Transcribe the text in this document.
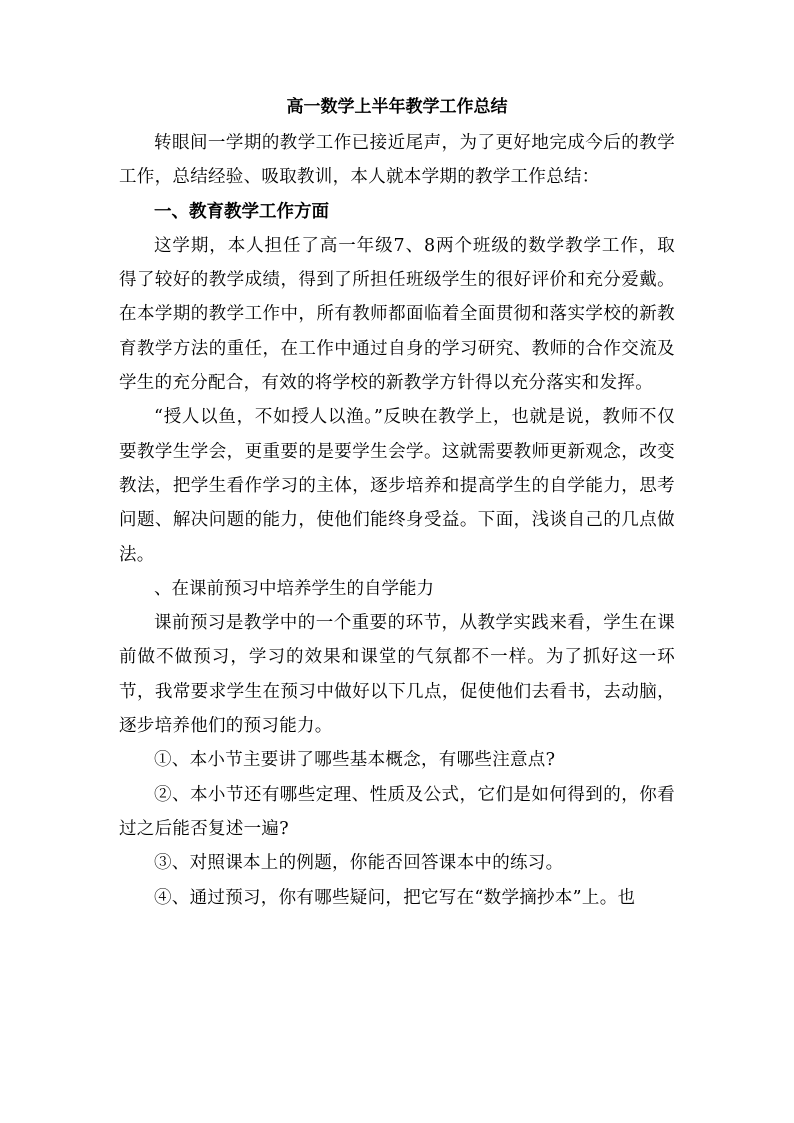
高一数学上半年教学工作总结

转眼间一学期的教学工作已接近尾声，为了更好地完成今后的教学工作，总结经验、吸取教训，本人就本学期的教学工作总结：

一、教育教学工作方面

这学期，本人担任了高一年级7、8两个班级的数学教学工作，取得了较好的教学成绩，得到了所担任班级学生的很好评价和充分爱戴。在本学期的教学工作中，所有教师都面临着全面贯彻和落实学校的新教育教学方法的重任，在工作中通过自身的学习研究、教师的合作交流及学生的充分配合，有效的将学校的新教学方针得以充分落实和发挥。

“授人以鱼，不如授人以渔。”反映在教学上，也就是说，教师不仅要教学生学会，更重要的是要学生会学。这就需要教师更新观念，改变教法，把学生看作学习的主体，逐步培养和提高学生的自学能力，思考问题、解决问题的能力，使他们能终身受益。下面，浅谈自己的几点做法。

、在课前预习中培养学生的自学能力

课前预习是教学中的一个重要的环节，从教学实践来看，学生在课前做不做预习，学习的效果和课堂的气氛都不一样。为了抓好这一环节，我常要求学生在预习中做好以下几点，促使他们去看书，去动脑，逐步培养他们的预习能力。

①、本小节主要讲了哪些基本概念，有哪些注意点?

②、本小节还有哪些定理、性质及公式，它们是如何得到的，你看过之后能否复述一遍?

③、对照课本上的例题，你能否回答课本中的练习。

④、通过预习，你有哪些疑问，把它写在“数学摘抄本”上。也
